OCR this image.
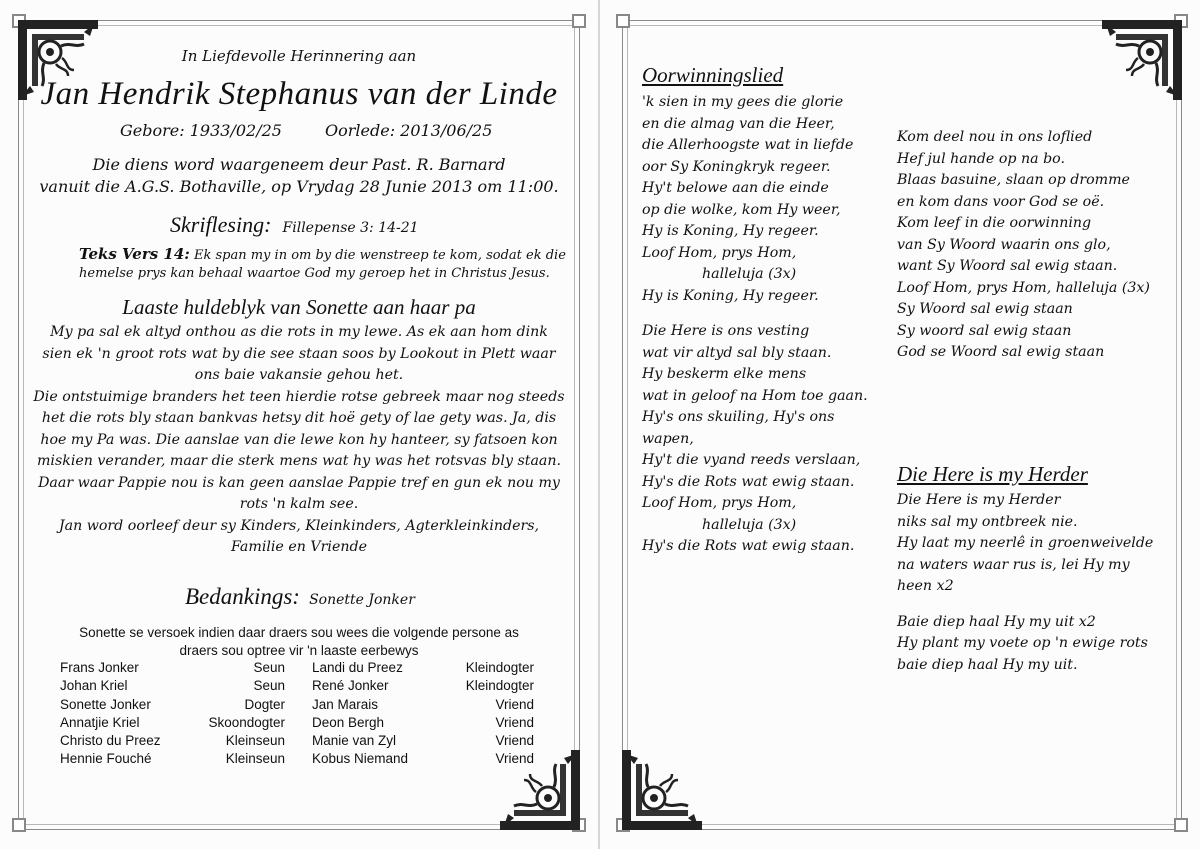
In Liefdevolle Herinnering aan
Jan Hendrik Stephanus van der Linde
Gebore: 1933/02/25	Oorlede: 2013/06/25
Die diens word waargeneem deur Past. R. Barnard
vanuit die A.G.S. Bothaville, op Vrydag 28 Junie 2013 om 11:00.
Skriflesing: Fillepense 3: 14-21
Teks Vers 14: Ek span my in om by die wenstreep te kom, sodat ek die
hemelse prys kan behaal waartoe God my geroep het in Christus Jesus.
Laaste huldeblyk van Sonette aan haar pa
My pa sal ek altyd onthou as die rots in my lewe. As ek aan hom dink
sien ek 'n groot rots wat by die see staan soos by Lookout in Plett waar
ons baie vakansie gehou het.
Die ontstuimige branders het teen hierdie rotse gebreek maar nog steeds
het die rots bly staan bankvas hetsy dit hoë gety of lae gety was. Ja, dis
hoe my Pa was. Die aanslae van die lewe kon hy hanteer, sy fatsoen kon
miskien verander, maar die sterk mens wat hy was het rotsvas bly staan.
Daar waar Pappie nou is kan geen aanslae Pappie tref en gun ek nou my
rots 'n kalm see.
Jan word oorleef deur sy Kinders, Kleinkinders, Agterkleinkinders,
Familie en Vriende
Bedankings: Sonette Jonker
Sonette se versoek indien daar draers sou wees die volgende persone as
draers sou optree vir 'n laaste eerbewys
Frans Jonker	Seun
Johan Kriel	Seun
Sonette Jonker	Dogter
Annatjie Kriel	Skoondogter
Christo du Preez	Kleinseun
Hennie Fouché	Kleinseun
Landi du Preez	Kleindogter
René Jonker	Kleindogter
Jan Marais	Vriend
Deon Bergh	Vriend
Manie van Zyl	Vriend
Kobus Niemand	Vriend
Oorwinningslied
'k sien in my gees die glorie
en die almag van die Heer,
die Allerhoogste wat in liefde
oor Sy Koningkryk regeer.
Hy't belowe aan die einde
op die wolke, kom Hy weer,
Hy is Koning, Hy regeer.
Loof Hom, prys Hom,
halleluja (3x)
Hy is Koning, Hy regeer.
Die Here is ons vesting
wat vir altyd sal bly staan.
Hy beskerm elke mens
wat in geloof na Hom toe gaan.
Hy's ons skuiling, Hy's ons
wapen,
Hy't die vyand reeds verslaan,
Hy's die Rots wat ewig staan.
Loof Hom, prys Hom,
halleluja (3x)
Hy's die Rots wat ewig staan.
Kom deel nou in ons loflied
Hef jul hande op na bo.
Blaas basuine, slaan op dromme
en kom dans voor God se oë.
Kom leef in die oorwinning
van Sy Woord waarin ons glo,
want Sy Woord sal ewig staan.
Loof Hom, prys Hom, halleluja (3x)
Sy Woord sal ewig staan
Sy woord sal ewig staan
God se Woord sal ewig staan
Die Here is my Herder
Die Here is my Herder
niks sal my ontbreek nie.
Hy laat my neerlê in groenweivelde
na waters waar rus is, lei Hy my
heen x2
Baie diep haal Hy my uit x2
Hy plant my voete op 'n ewige rots
baie diep haal Hy my uit.
